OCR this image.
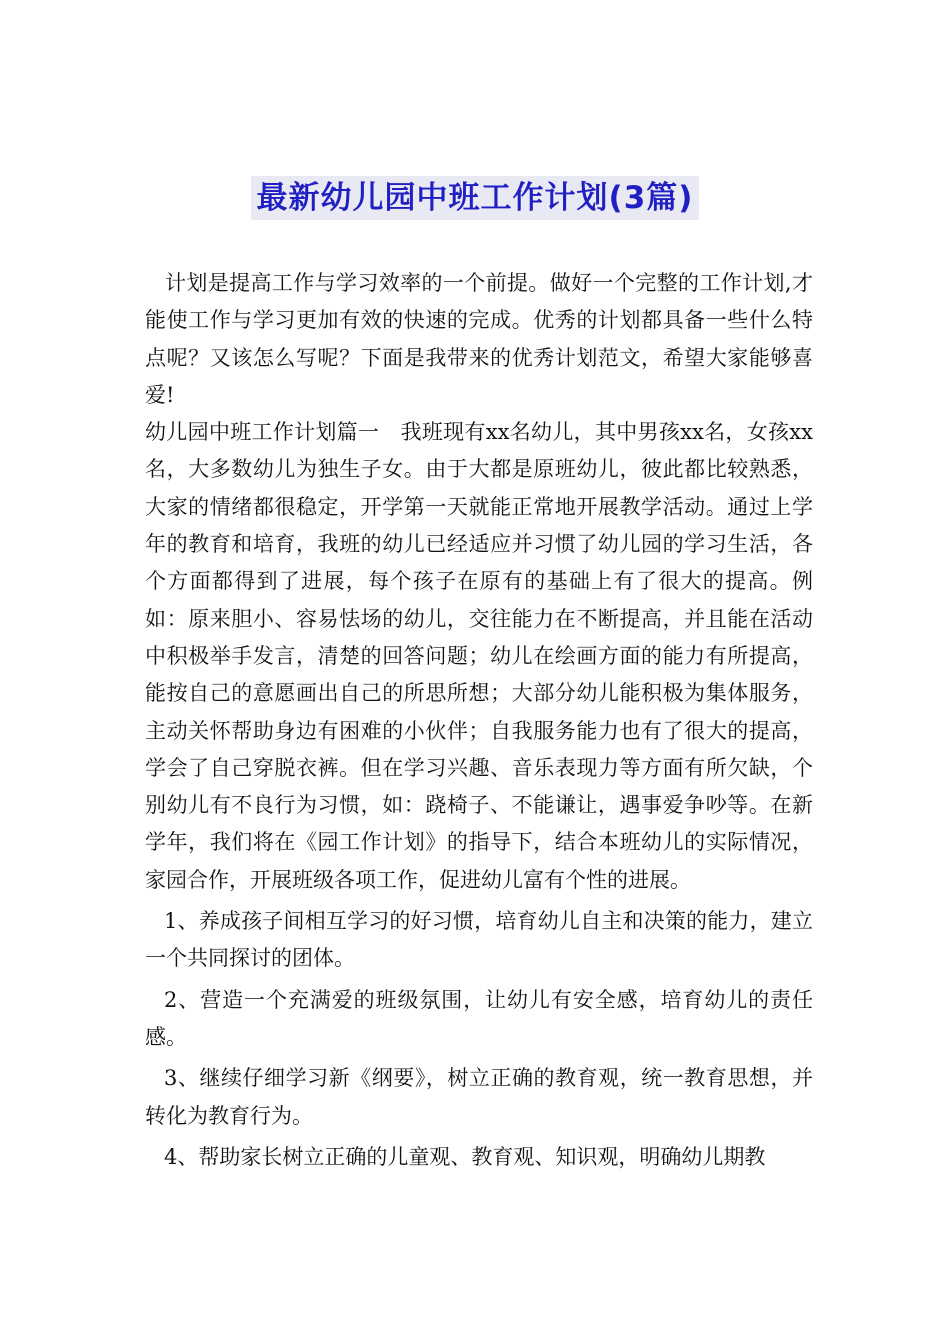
最新幼儿园中班工作计划(3篇)

计划是提高工作与学习效率的一个前提。做好一个完整的工作计划,才能使工作与学习更加有效的快速的完成。优秀的计划都具备一些什么特点呢？又该怎么写呢？下面是我带来的优秀计划范文，希望大家能够喜爱!

幼儿园中班工作计划篇一　我班现有xx名幼儿，其中男孩xx名，女孩xx名，大多数幼儿为独生子女。由于大都是原班幼儿，彼此都比较熟悉，大家的情绪都很稳定，开学第一天就能正常地开展教学活动。通过上学年的教育和培育，我班的幼儿已经适应并习惯了幼儿园的学习生活，各个方面都得到了进展，每个孩子在原有的基础上有了很大的提高。例如：原来胆小、容易怯场的幼儿，交往能力在不断提高，并且能在活动中积极举手发言，清楚的回答问题；幼儿在绘画方面的能力有所提高，能按自己的意愿画出自己的所思所想；大部分幼儿能积极为集体服务，主动关怀帮助身边有困难的小伙伴；自我服务能力也有了很大的提高，学会了自己穿脱衣裤。但在学习兴趣、音乐表现力等方面有所欠缺，个别幼儿有不良行为习惯，如：跷椅子、不能谦让，遇事爱争吵等。在新学年，我们将在《园工作计划》的指导下，结合本班幼儿的实际情况，家园合作，开展班级各项工作，促进幼儿富有个性的进展。

1、养成孩子间相互学习的好习惯，培育幼儿自主和决策的能力，建立一个共同探讨的团体。

2、营造一个充满爱的班级氛围，让幼儿有安全感，培育幼儿的责任感。

3、继续仔细学习新《纲要》，树立正确的教育观，统一教育思想，并转化为教育行为。

4、帮助家长树立正确的儿童观、教育观、知识观，明确幼儿期教
